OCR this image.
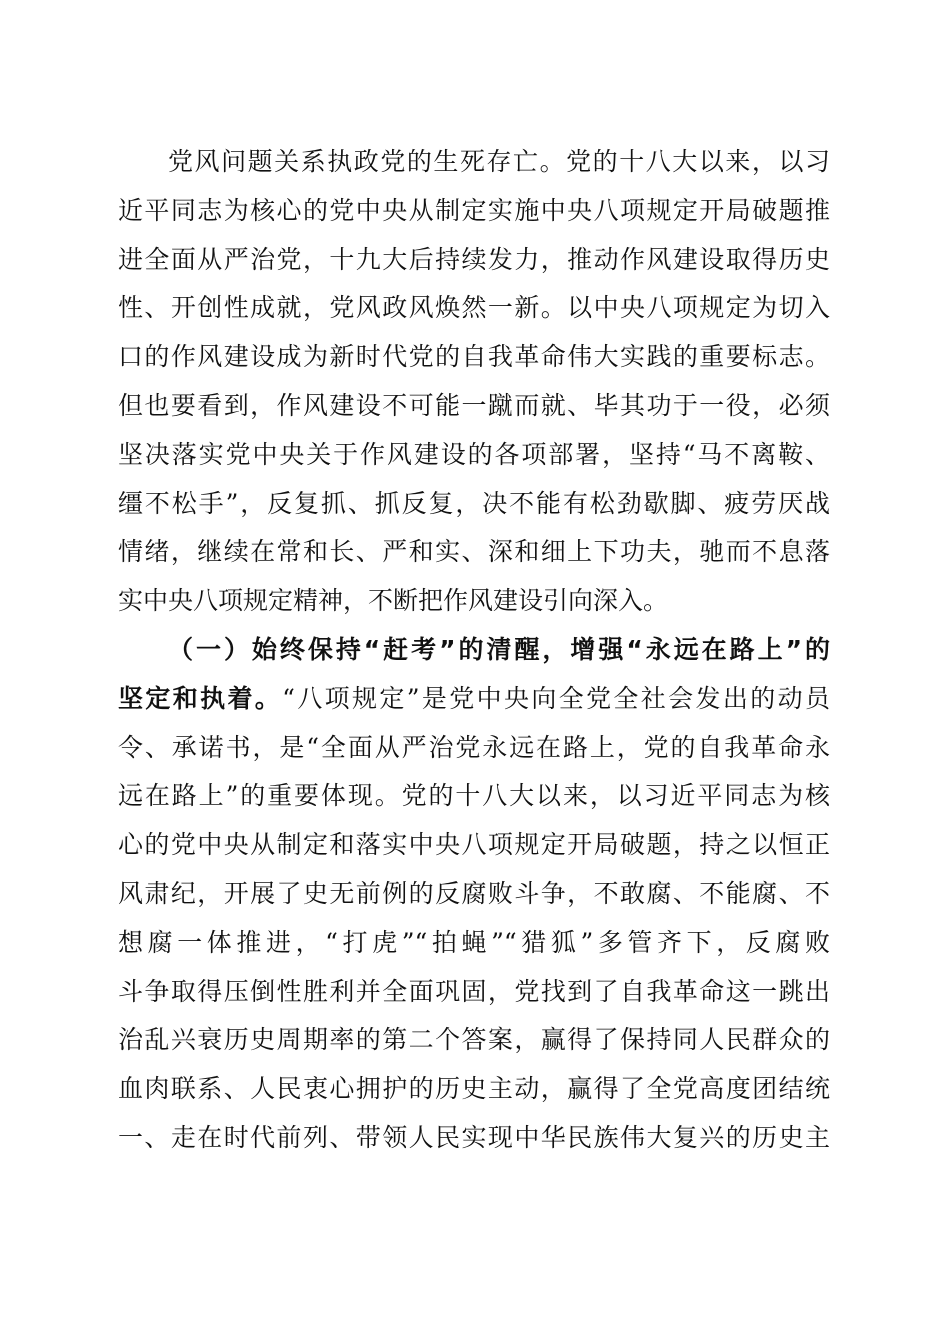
党风问题关系执政党的生死存亡。党的十八大以来，以习
近平同志为核心的党中央从制定实施中央八项规定开局破题推
进全面从严治党，十九大后持续发力，推动作风建设取得历史
性、开创性成就，党风政风焕然一新。以中央八项规定为切入
口的作风建设成为新时代党的自我革命伟大实践的重要标志。
但也要看到，作风建设不可能一蹴而就、毕其功于一役，必须
坚决落实党中央关于作风建设的各项部署，坚持“马不离鞍、
缰不松手”，反复抓、抓反复，决不能有松劲歇脚、疲劳厌战
情绪，继续在常和长、严和实、深和细上下功夫，驰而不息落
实中央八项规定精神，不断把作风建设引向深入。
（一）始终保持“赶考”的清醒，增强“永远在路上”的
坚定和执着。“八项规定”是党中央向全党全社会发出的动员
令、承诺书，是“全面从严治党永远在路上，党的自我革命永
远在路上”的重要体现。党的十八大以来，以习近平同志为核
心的党中央从制定和落实中央八项规定开局破题，持之以恒正
风肃纪，开展了史无前例的反腐败斗争，不敢腐、不能腐、不
想腐一体推进，“打虎”“拍蝇”“猎狐”多管齐下，反腐败
斗争取得压倒性胜利并全面巩固，党找到了自我革命这一跳出
治乱兴衰历史周期率的第二个答案，赢得了保持同人民群众的
血肉联系、人民衷心拥护的历史主动，赢得了全党高度团结统
一、走在时代前列、带领人民实现中华民族伟大复兴的历史主
